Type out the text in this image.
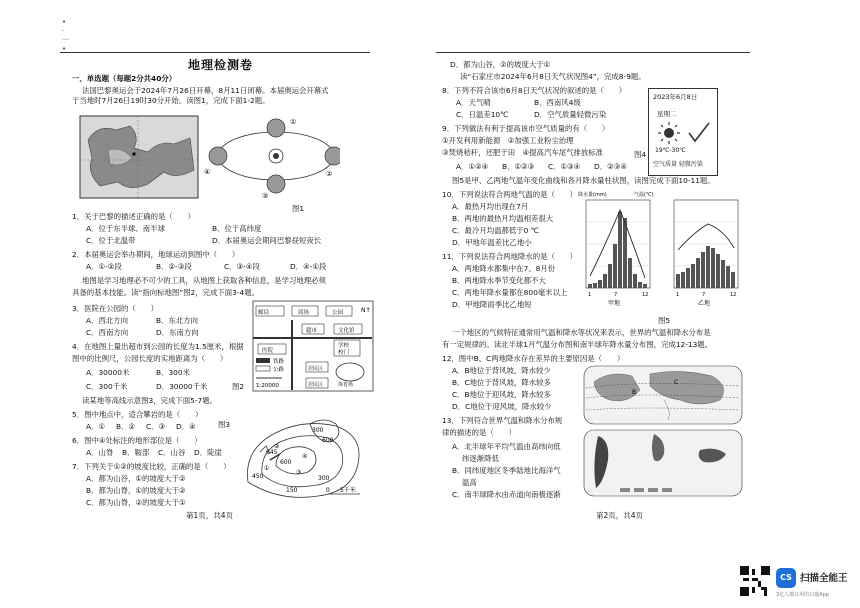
•
·
一
•
地理检测卷
一、单选题（每题2分共40分）
法国巴黎奥运会于2024年7月26日开幕，8月11日闭幕。本届奥运会开幕式
于当地时7月26日19时30分开始。读图1，完成下面1-2题。
①
②
③
④
图1
1．关于巴黎的描述正确的是（　　）
A．位于东半球、南半球	B．位于高纬度
C．位于北温带	D．本届奥运会期间巴黎昼短夜长
2．本届奥运会举办期间，地球运动到图中（　　）
A．①-②段	B．②-③段	C．③-④段	D．④-①段
地图是学习地理必不可少的工具，从地图上获取各种信息，是学习地理必须
具备的基本技能。读“指向标地图”图2，完成下面3-4题。
邮局	商场	公园	N↑
超市	文化馆
医院
学校
校门
铁路
公路
1:20000
居民区
居民区	体育场
3．医院在公园的（　　）
A．西北方向	B．东北方向
C．西南方向	D．东南方向
4．在地图上量出超市到公园的长度为1.5厘米，根据
图中的比例尺，公园长度的实地距离为（　　）
A．30000米	B．300米
C．300千米	D．30000千米	图2
读某地等高线示意图3，完成下面5-7题。
5．图中地点中，适合攀岩的是（　　）
A．① B．② C．③ D．④	图3
6．图中④处标注的地形部位是（　　）
A．山脊 B．鞍部 C．山谷 D．陡崖
7．下列关于①②的坡度比较，正确的是（　　）
A．都为山谷，①的坡度大于②
B．都为山脊，①的坡度大于②
C．都为山脊，②的坡度大于①
645
600
450
150
300
600
300
0 5千米
①
②
③
④
第1页，共4页
D．都为山谷，②的坡度大于①
读“石家庄市2024年6月8日天气状况图4”，完成8-9题。
8．下列不符合该市6月8日天气状况的叙述的是（　　）
A．天气晴	B．西南风4级
C．日温差10℃	D．空气质量轻微污染
9．下列做法有利于提高该市空气质量的有（　　）
①开发利用新能源　②加强工业粉尘治理
③焚烧秸秆，还肥于田　④提高汽车尾气排放标准
A．①②④ B．①②③ C．①③④ D．②③④
图4
2023年6月8日
星期二
19℃-30℃
空气质量 轻微污染
图5是甲、乙两地气温年变化曲线和各月降水量柱状图，读图完成下面10-11题。
10．下列说法符合两地气温的是（　　）
A．最热月均出现在7月
B．两地的最热月均温相差很大
C．最冷月均温都低于0 ℃
D．甲地年温差比乙地小
11．下列说法符合两地降水的是（　　）
A．两地降水都集中在7、8月份
B．两地降水季节变化都不大
C．两地年降水量都在800毫米以上
D．甲地降雨季比乙地短
降水量(mm)	气温(℃)
1	7	12
甲地
1	7	12
乙地
图5
一个地区的气候特征通常用气温和降水等状况来表示，世界的气温和降水分布是
有一定规律的。读北半球1月气温分布图和南半球年降水量分布图，完成12-13题。
12．图中B、C两地降水存在差异的主要原因是（　　）
A．B地位于背风坡，降水较少
B．C地位于背风坡，降水较多
C．B地位于迎风坡，降水较多
D．C地位于迎风坡，降水较少
13．下列符合世界气温和降水分布规
律的描述的是（　　）
A．北半球年平均气温由高纬向低
纬逐渐降低
B．同纬度地区冬季陆地比海洋气
温高
C．南半球降水由赤道向南极逐渐
B
C
第2页，共4页
CS 扫描全能王
3亿人都在用的扫描App
